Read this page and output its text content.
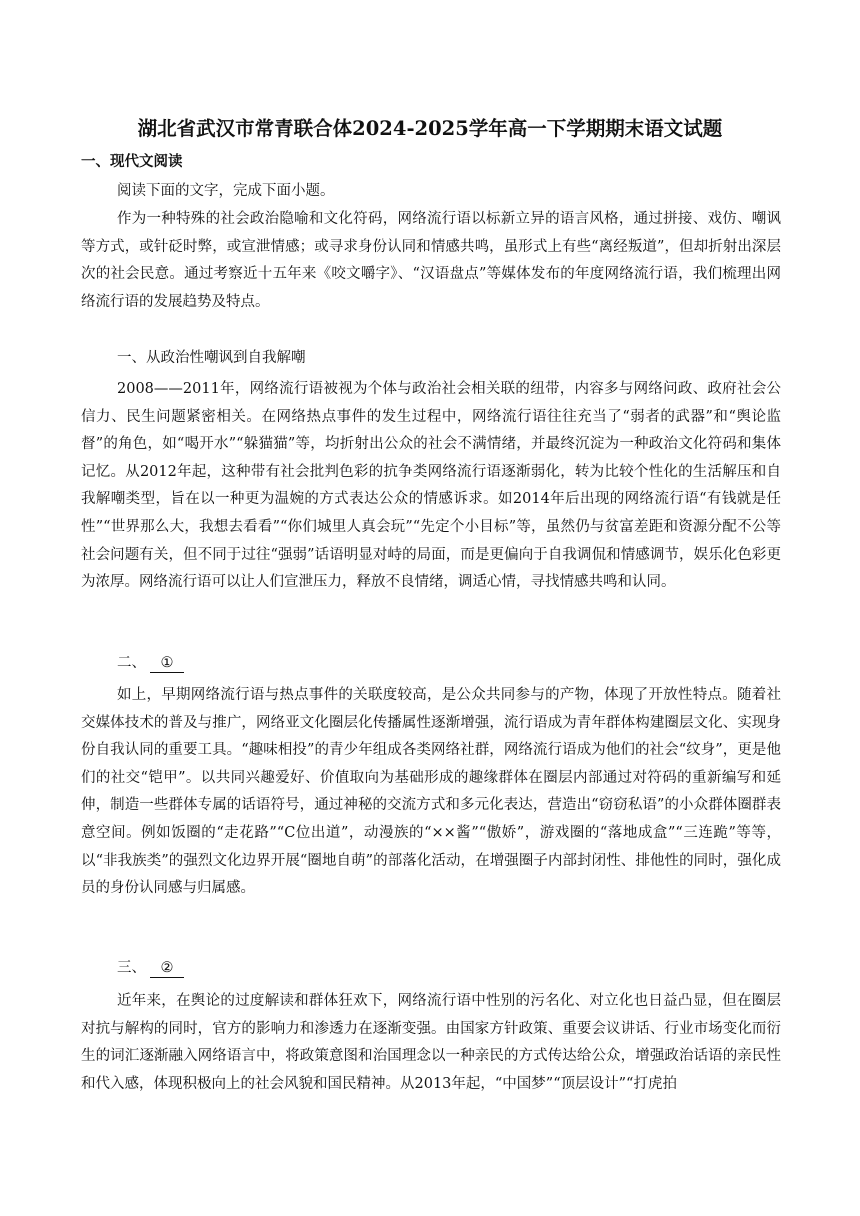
湖北省武汉市常青联合体2024-2025学年高一下学期期末语文试题
一、现代文阅读
阅读下面的文字，完成下面小题。
作为一种特殊的社会政治隐喻和文化符码，网络流行语以标新立异的语言风格，通过拼接、戏仿、嘲讽等方式，或针砭时弊，或宣泄情感；或寻求身份认同和情感共鸣，虽形式上有些“离经叛道”，但却折射出深层次的社会民意。通过考察近十五年来《咬文嚼字》、“汉语盘点”等媒体发布的年度网络流行语，我们梳理出网络流行语的发展趋势及特点。
一、从政治性嘲讽到自我解嘲
2008——2011年，网络流行语被视为个体与政治社会相关联的纽带，内容多与网络问政、政府社会公信力、民生问题紧密相关。在网络热点事件的发生过程中，网络流行语往往充当了“弱者的武器”和“舆论监督”的角色，如“喝开水”“躲猫猫”等，均折射出公众的社会不满情绪，并最终沉淀为一种政治文化符码和集体记忆。从2012年起，这种带有社会批判色彩的抗争类网络流行语逐渐弱化，转为比较个性化的生活解压和自我解嘲类型，旨在以一种更为温婉的方式表达公众的情感诉求。如2014年后出现的网络流行语“有钱就是任性”“世界那么大，我想去看看”“你们城里人真会玩”“先定个小目标”等，虽然仍与贫富差距和资源分配不公等社会问题有关，但不同于过往“强弱”话语明显对峙的局面，而是更偏向于自我调侃和情感调节，娱乐化色彩更为浓厚。网络流行语可以让人们宣泄压力，释放不良情绪，调适心情，寻找情感共鸣和认同。
二、 ①
如上，早期网络流行语与热点事件的关联度较高，是公众共同参与的产物，体现了开放性特点。随着社交媒体技术的普及与推广，网络亚文化圈层化传播属性逐渐增强，流行语成为青年群体构建圈层文化、实现身份自我认同的重要工具。“趣味相投”的青少年组成各类网络社群，网络流行语成为他们的社会“纹身”，更是他们的社交“铠甲”。以共同兴趣爱好、价值取向为基础形成的趣缘群体在圈层内部通过对符码的重新编写和延伸，制造一些群体专属的话语符号，通过神秘的交流方式和多元化表达，营造出“窃窃私语”的小众群体圈群表意空间。例如饭圈的“走花路”“C位出道”，动漫族的“××酱”“傲娇”，游戏圈的“落地成盒”“三连跪”等等，以“非我族类”的强烈文化边界开展“圈地自萌”的部落化活动，在增强圈子内部封闭性、排他性的同时，强化成员的身份认同感与归属感。
三、 ②
近年来，在舆论的过度解读和群体狂欢下，网络流行语中性别的污名化、对立化也日益凸显，但在圈层对抗与解构的同时，官方的影响力和渗透力在逐渐变强。由国家方针政策、重要会议讲话、行业市场变化而衍生的词汇逐渐融入网络语言中，将政策意图和治国理念以一种亲民的方式传达给公众，增强政治话语的亲民性和代入感，体现积极向上的社会风貌和国民精神。从2013年起，“中国梦”“顶层设计”“打虎拍
